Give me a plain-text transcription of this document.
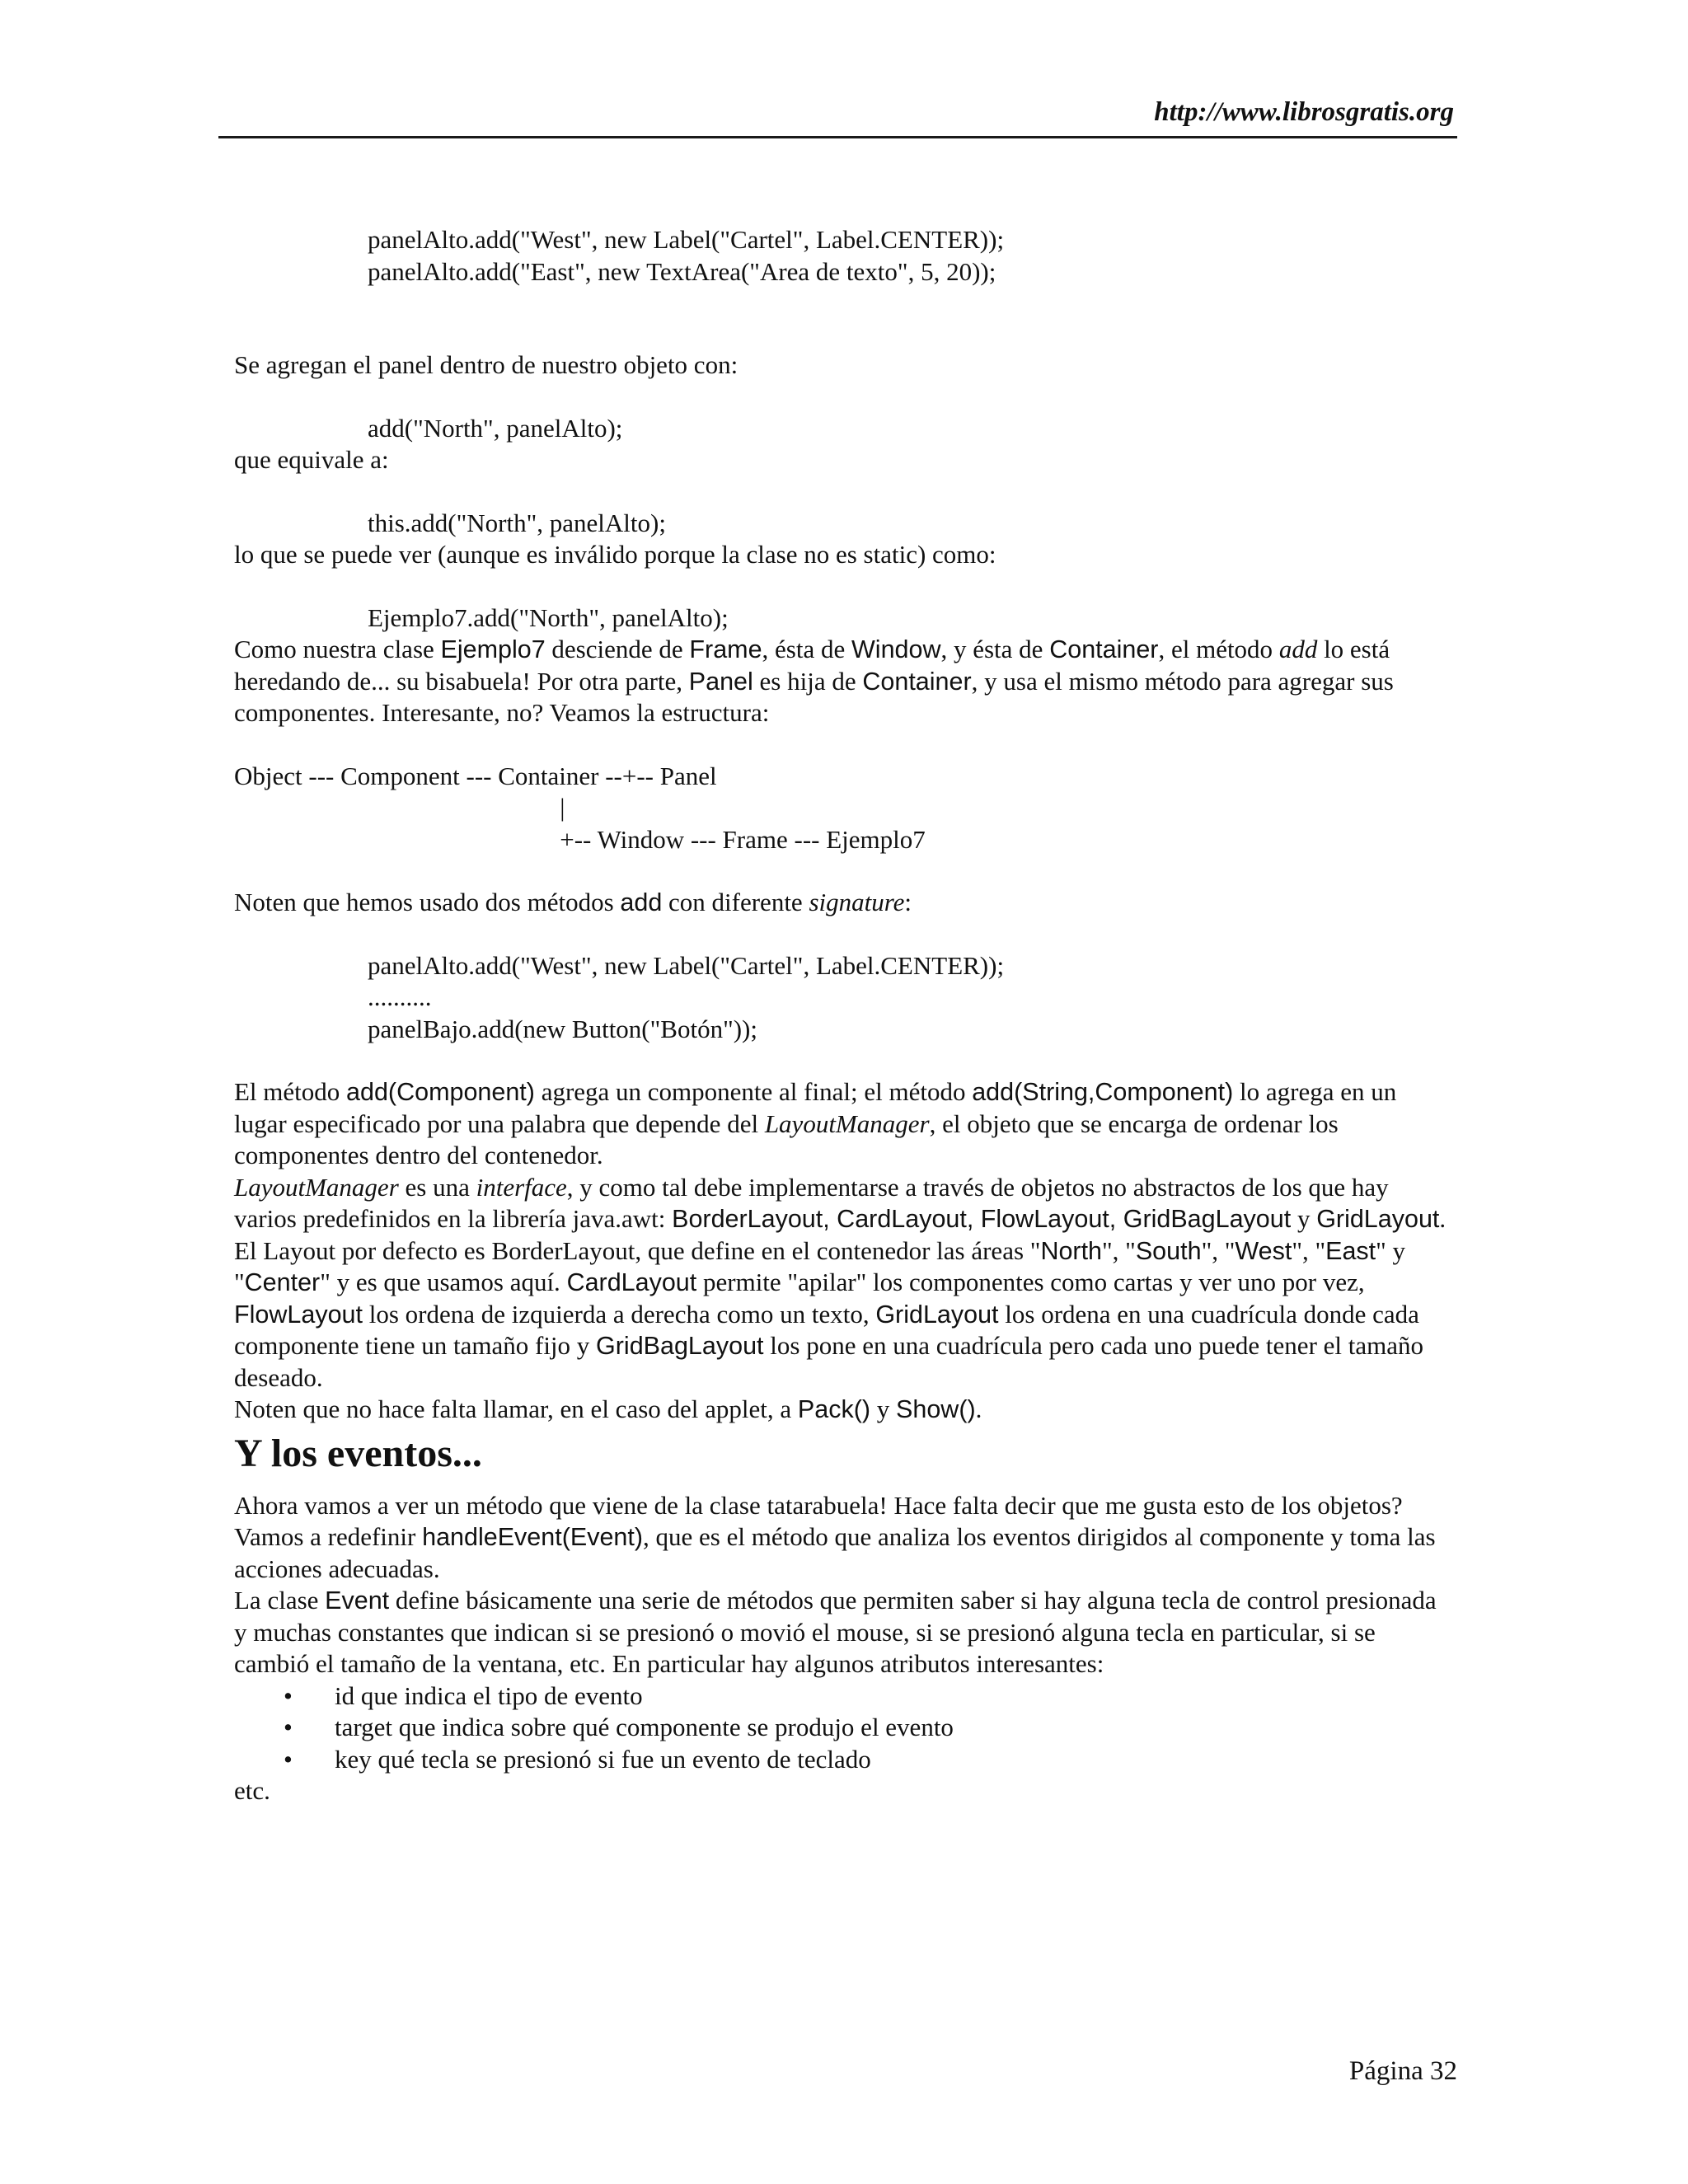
http://www.librosgratis.org

panelAlto.add("West", new Label("Cartel", Label.CENTER));

panelAlto.add("East", new TextArea("Area de texto", 5, 20));

Se agregan el panel dentro de nuestro objeto con:

add("North", panelAlto);

que equivale a:

this.add("North", panelAlto);

lo que se puede ver (aunque es inválido porque la clase no es static) como:

Ejemplo7.add("North", panelAlto);

Como nuestra clase Ejemplo7 desciende de Frame, ésta de Window, y ésta de Container, el método add lo está heredando de... su bisabuela! Por otra parte, Panel es hija de Container, y usa el mismo método para agregar sus componentes. Interesante, no? Veamos la estructura:

Object --- Component --- Container --+-- Panel

|

+-- Window --- Frame --- Ejemplo7

Noten que hemos usado dos métodos add con diferente signature:

panelAlto.add("West", new Label("Cartel", Label.CENTER));

..........

panelBajo.add(new Button("Botón"));

El método add(Component) agrega un componente al final; el método add(String,Component) lo agrega en un lugar especificado por una palabra que depende del LayoutManager, el objeto que se encarga de ordenar los componentes dentro del contenedor.

LayoutManager es una interface, y como tal debe implementarse a través de objetos no abstractos de los que hay varios predefinidos en la librería java.awt: BorderLayout, CardLayout, FlowLayout, GridBagLayout y GridLayout.

El Layout por defecto es BorderLayout, que define en el contenedor las áreas "North", "South", "West", "East" y "Center" y es que usamos aquí. CardLayout permite "apilar" los componentes como cartas y ver uno por vez, FlowLayout los ordena de izquierda a derecha como un texto, GridLayout los ordena en una cuadrícula donde cada componente tiene un tamaño fijo y GridBagLayout los pone en una cuadrícula pero cada uno puede tener el tamaño deseado.

Noten que no hace falta llamar, en el caso del applet, a Pack() y Show().

Y los eventos...

Ahora vamos a ver un método que viene de la clase tatarabuela! Hace falta decir que me gusta esto de los objetos?

Vamos a redefinir handleEvent(Event), que es el método que analiza los eventos dirigidos al componente y toma las acciones adecuadas.

La clase Event define básicamente una serie de métodos que permiten saber si hay alguna tecla de control presionada y muchas constantes que indican si se presionó o movió el mouse, si se presionó alguna tecla en particular, si se cambió el tamaño de la ventana, etc. En particular hay algunos atributos interesantes:

• id que indica el tipo de evento
• target que indica sobre qué componente se produjo el evento
• key qué tecla se presionó si fue un evento de teclado

etc.

Página 32
